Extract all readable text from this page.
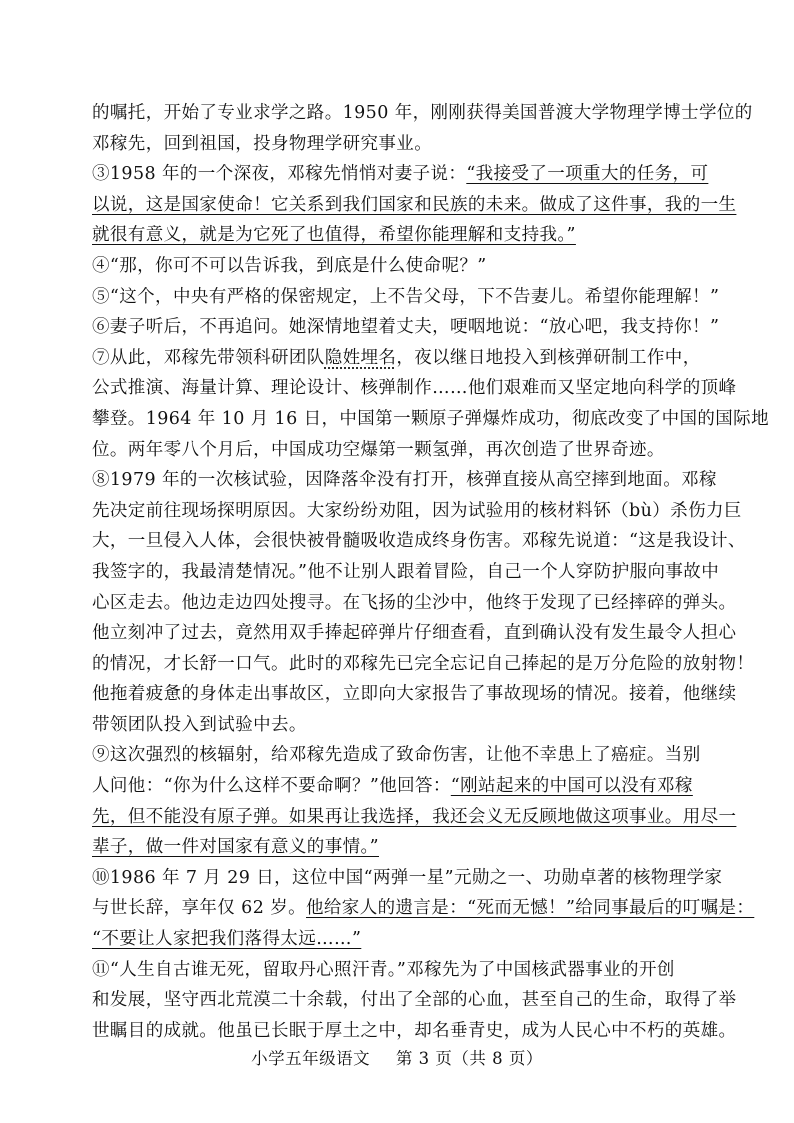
的嘱托，开始了专业求学之路。1950 年，刚刚获得美国普渡大学物理学博士学位的
邓稼先，回到祖国，投身物理学研究事业。
③1958 年的一个深夜，邓稼先悄悄对妻子说：“我接受了一项重大的任务，可
以说，这是国家使命！它关系到我们国家和民族的未来。做成了这件事，我的一生
就很有意义，就是为它死了也值得，希望你能理解和支持我。”
④“那，你可不可以告诉我，到底是什么使命呢？”
⑤“这个，中央有严格的保密规定，上不告父母，下不告妻儿。希望你能理解！”
⑥妻子听后，不再追问。她深情地望着丈夫，哽咽地说：“放心吧，我支持你！”
⑦从此，邓稼先带领科研团队隐姓埋名，夜以继日地投入到核弹研制工作中，
公式推演、海量计算、理论设计、核弹制作……他们艰难而又坚定地向科学的顶峰
攀登。1964 年 10 月 16 日，中国第一颗原子弹爆炸成功，彻底改变了中国的国际地
位。两年零八个月后，中国成功空爆第一颗氢弹，再次创造了世界奇迹。
⑧1979 年的一次核试验，因降落伞没有打开，核弹直接从高空摔到地面。邓稼
先决定前往现场探明原因。大家纷纷劝阻，因为试验用的核材料钚（bù）杀伤力巨
大，一旦侵入人体，会很快被骨髓吸收造成终身伤害。邓稼先说道：“这是我设计、
我签字的，我最清楚情况。”他不让别人跟着冒险，自己一个人穿防护服向事故中
心区走去。他边走边四处搜寻。在飞扬的尘沙中，他终于发现了已经摔碎的弹头。
他立刻冲了过去，竟然用双手捧起碎弹片仔细查看，直到确认没有发生最令人担心
的情况，才长舒一口气。此时的邓稼先已完全忘记自己捧起的是万分危险的放射物！
他拖着疲惫的身体走出事故区，立即向大家报告了事故现场的情况。接着，他继续
带领团队投入到试验中去。
⑨这次强烈的核辐射，给邓稼先造成了致命伤害，让他不幸患上了癌症。当别
人问他：“你为什么这样不要命啊？”他回答：“刚站起来的中国可以没有邓稼
先，但不能没有原子弹。如果再让我选择，我还会义无反顾地做这项事业。用尽一
辈子，做一件对国家有意义的事情。”
⑩1986 年 7 月 29 日，这位中国“两弹一星”元勋之一、功勋卓著的核物理学家
与世长辞，享年仅 62 岁。他给家人的遗言是：“死而无憾！”给同事最后的叮嘱是：
“不要让人家把我们落得太远……”
⑪“人生自古谁无死，留取丹心照汗青。”邓稼先为了中国核武器事业的开创
和发展，坚守西北荒漠二十余载，付出了全部的心血，甚至自己的生命，取得了举
世瞩目的成就。他虽已长眠于厚土之中，却名垂青史，成为人民心中不朽的英雄。
小学五年级语文 第 3 页（共 8 页）
